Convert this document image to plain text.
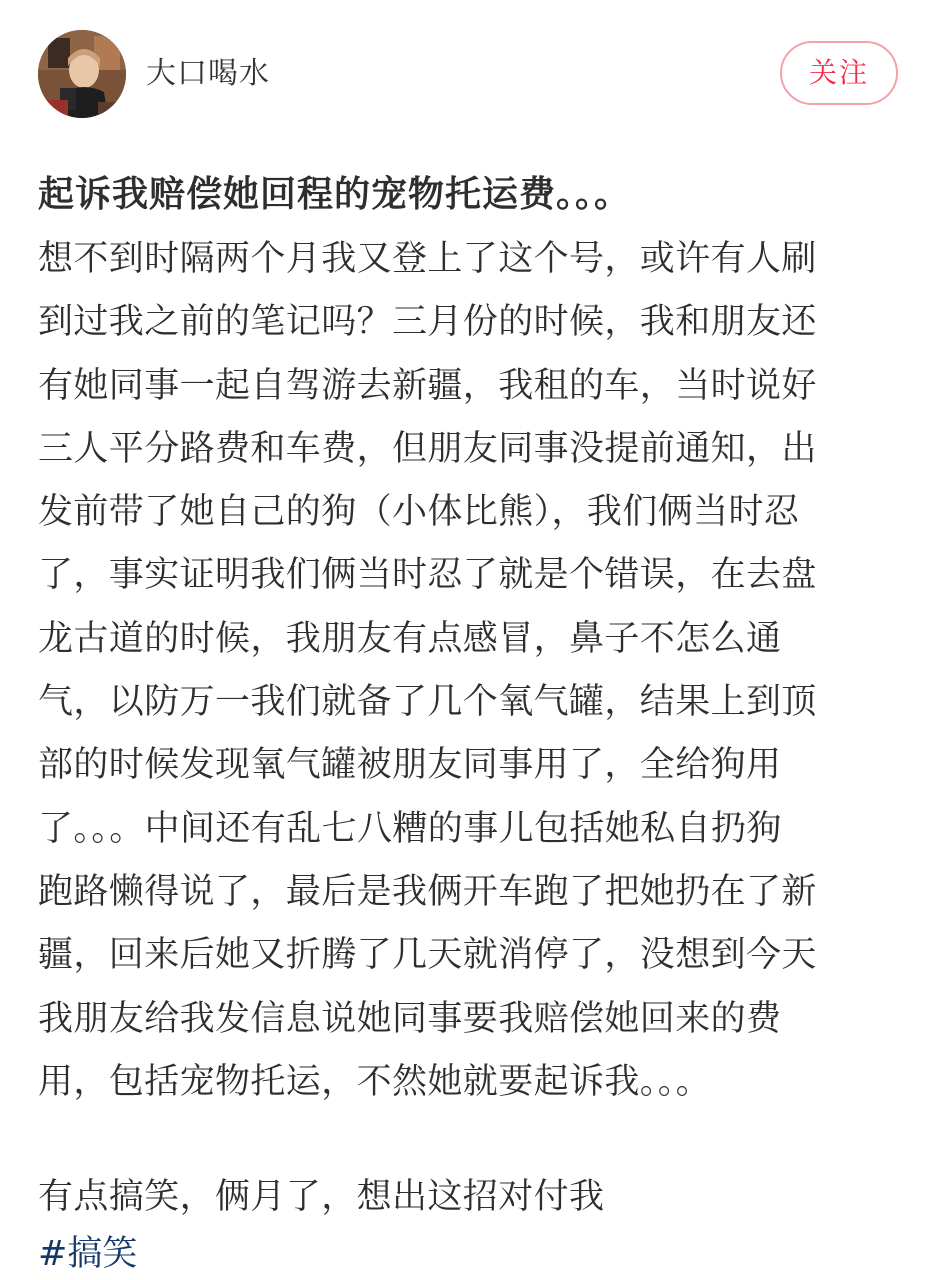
大口喝水	关注
起诉我赔偿她回程的宠物托运费。。。
想不到时隔两个月我又登上了这个号，或许有人刷
到过我之前的笔记吗？三月份的时候，我和朋友还
有她同事一起自驾游去新疆，我租的车，当时说好
三人平分路费和车费，但朋友同事没提前通知，出
发前带了她自己的狗（小体比熊），我们俩当时忍
了，事实证明我们俩当时忍了就是个错误，在去盘
龙古道的时候，我朋友有点感冒，鼻子不怎么通
气，以防万一我们就备了几个氧气罐，结果上到顶
部的时候发现氧气罐被朋友同事用了，全给狗用
了。。。中间还有乱七八糟的事儿包括她私自扔狗
跑路懒得说了，最后是我俩开车跑了把她扔在了新
疆，回来后她又折腾了几天就消停了，没想到今天
我朋友给我发信息说她同事要我赔偿她回来的费
用，包括宠物托运，不然她就要起诉我。。。
有点搞笑，俩月了，想出这招对付我
#搞笑
